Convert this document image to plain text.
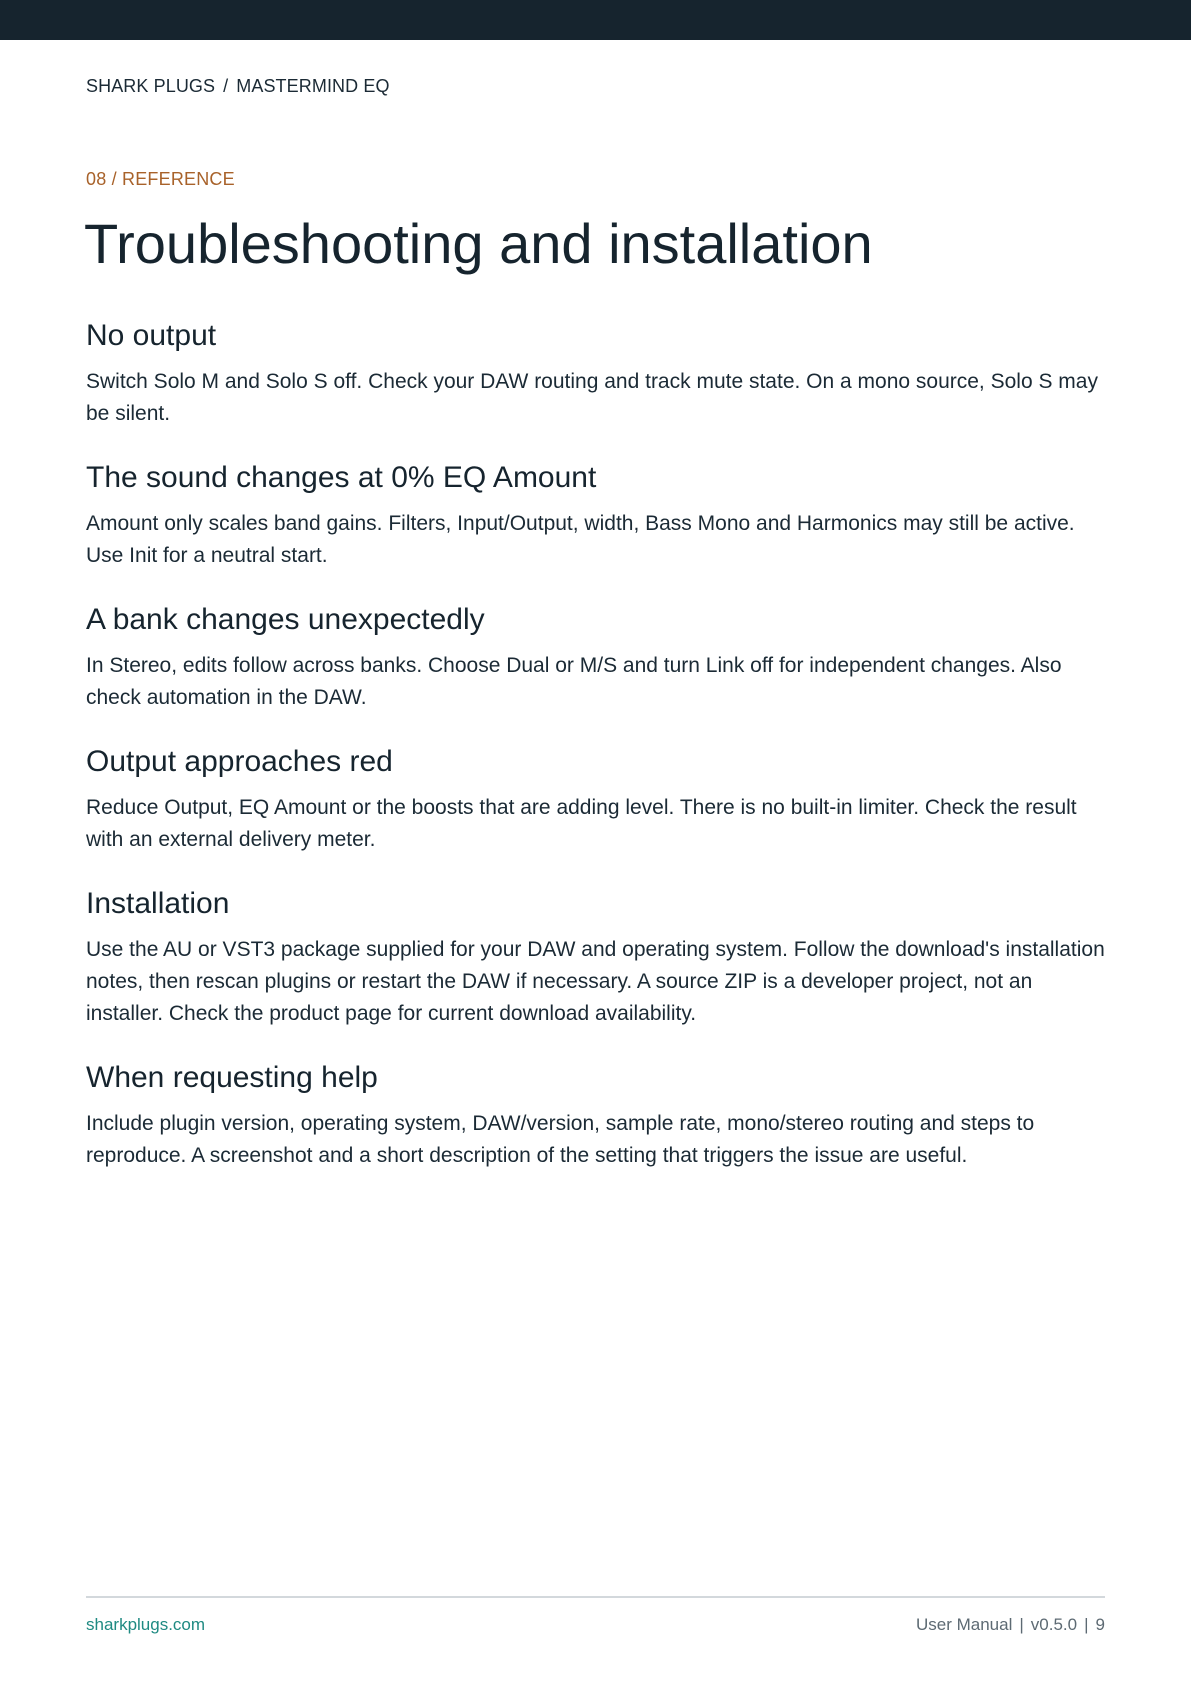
SHARK PLUGS / MASTERMIND EQ
08 / REFERENCE
Troubleshooting and installation
No output

Switch Solo M and Solo S off. Check your DAW routing and track mute state. On a mono source, Solo S may be silent.

The sound changes at 0% EQ Amount

Amount only scales band gains. Filters, Input/Output, width, Bass Mono and Harmonics may still be active. Use Init for a neutral start.

A bank changes unexpectedly

In Stereo, edits follow across banks. Choose Dual or M/S and turn Link off for independent changes. Also check automation in the DAW.

Output approaches red

Reduce Output, EQ Amount or the boosts that are adding level. There is no built-in limiter. Check the result with an external delivery meter.

Installation

Use the AU or VST3 package supplied for your DAW and operating system. Follow the download's installation notes, then rescan plugins or restart the DAW if necessary. A source ZIP is a developer project, not an installer. Check the product page for current download availability.

When requesting help

Include plugin version, operating system, DAW/version, sample rate, mono/stereo routing and steps to reproduce. A screenshot and a short description of the setting that triggers the issue are useful.

sharkplugs.com	User Manual | v0.5.0 | 9
